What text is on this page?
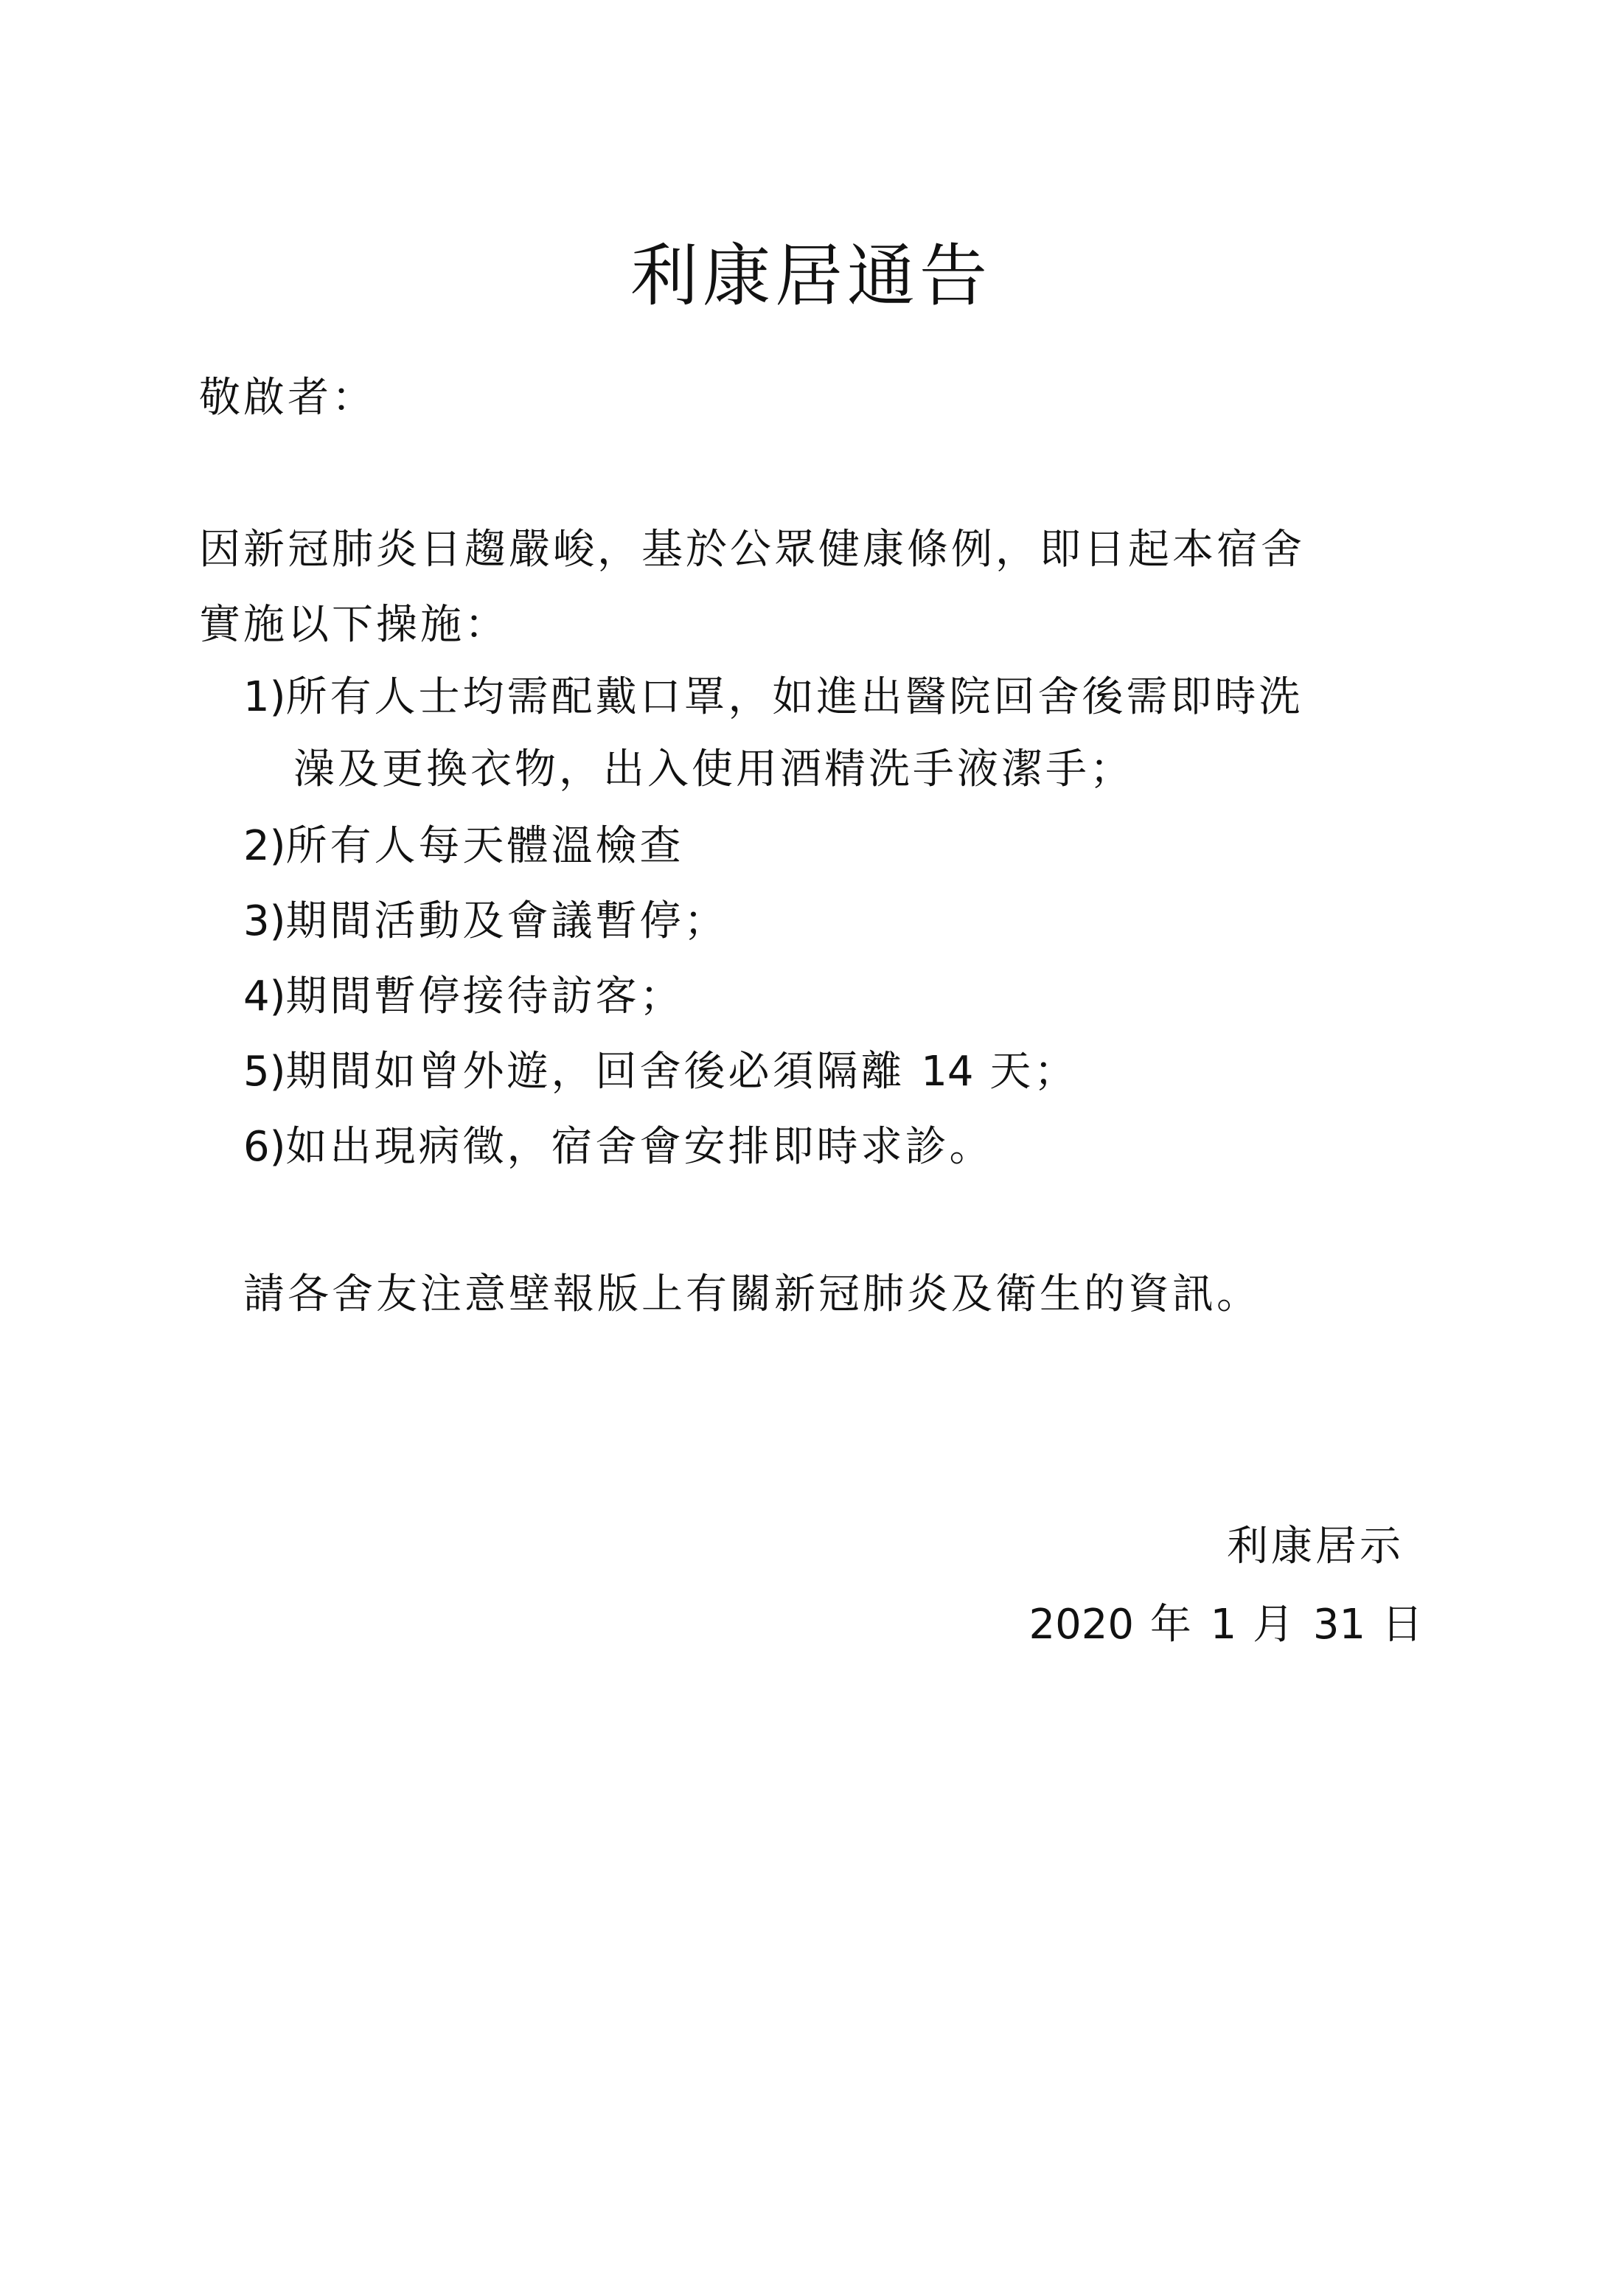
利康居通告
敬啟者：
因新冠肺炎日趨嚴峻，基於公眾健康條例，即日起本宿舍
實施以下操施：
1)所有人士均需配戴口罩，如進出醫院回舍後需即時洗
澡及更換衣物，出入使用酒精洗手液潔手；
2)所有人每天體溫檢查
3)期間活動及會議暫停；
4)期間暫停接待訪客；
5)期間如曾外遊，回舍後必須隔離 14 天；
6)如出現病徵，宿舍會安排即時求診。
請各舍友注意壁報版上有關新冠肺炎及衛生的資訊。
利康居示
2020 年 1 月 31 日
